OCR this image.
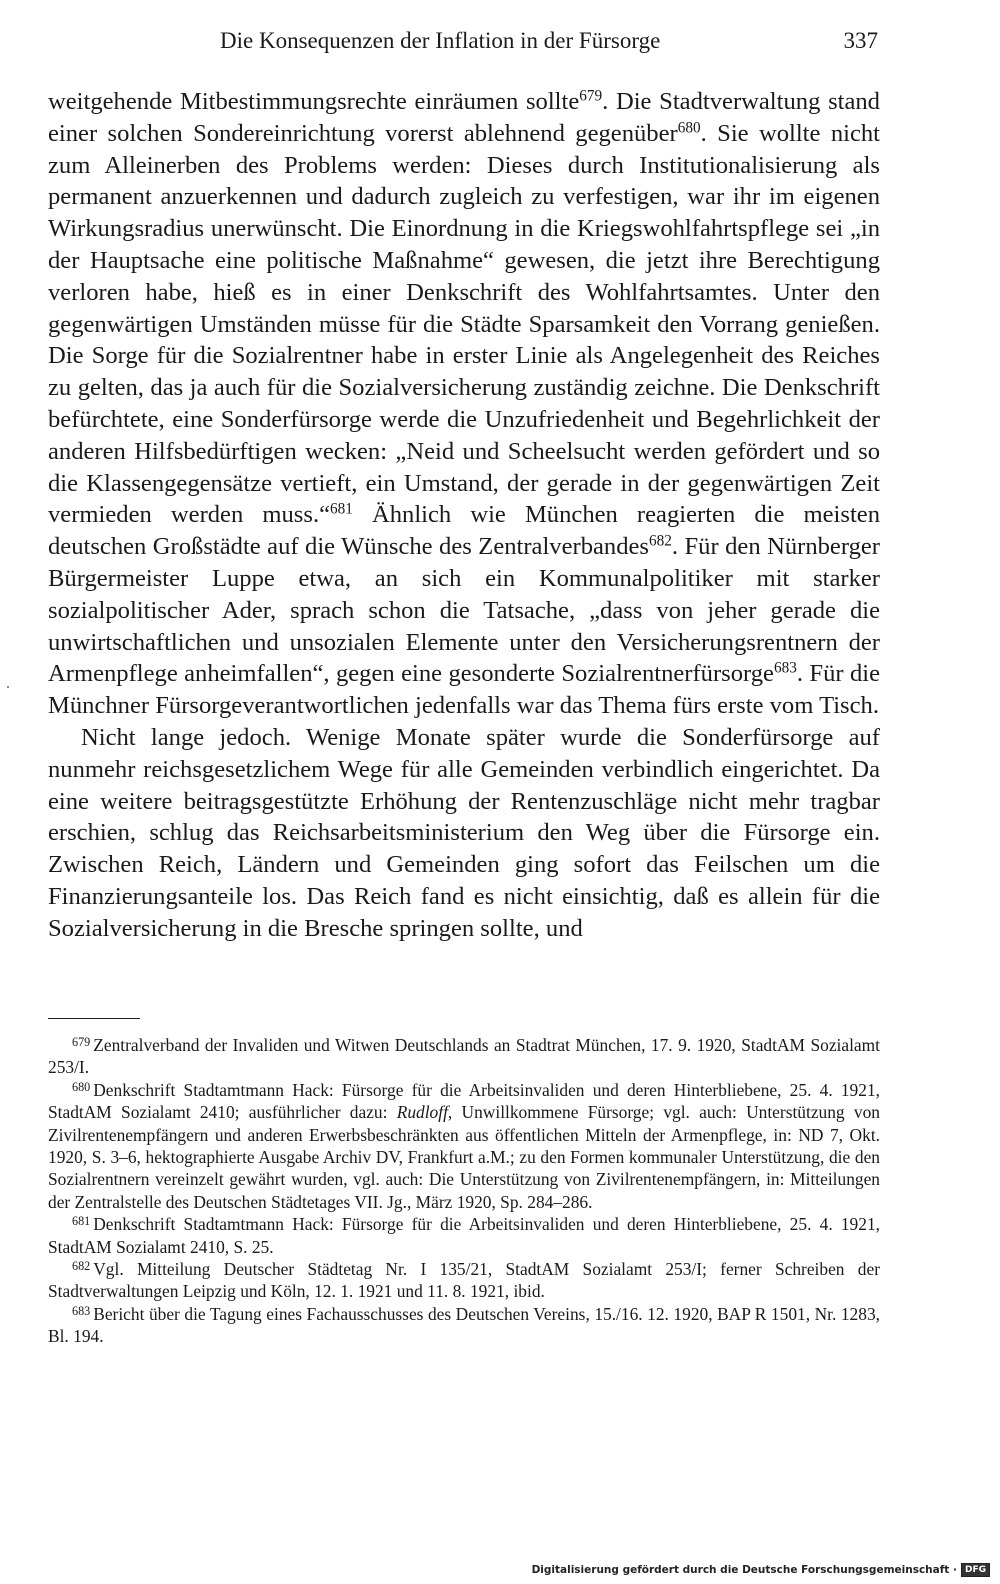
Die Konsequenzen der Inflation in der Fürsorge	337

weitgehende Mitbestimmungsrechte einräumen sollte$^{679}$. Die Stadtverwaltung stand einer solchen Sondereinrichtung vorerst ablehnend gegenüber$^{680}$. Sie wollte nicht zum Alleinerben des Problems werden: Dieses durch Institutionalisierung als permanent anzuerkennen und dadurch zugleich zu verfestigen, war ihr im eigenen Wirkungsradius unerwünscht. Die Einordnung in die Kriegswohlfahrtspflege sei „in der Hauptsache eine politische Maßnahme“ gewesen, die jetzt ihre Berechtigung verloren habe, hieß es in einer Denkschrift des Wohlfahrtsamtes. Unter den gegenwärtigen Umständen müsse für die Städte Sparsamkeit den Vorrang genießen. Die Sorge für die Sozialrentner habe in erster Linie als Angelegenheit des Reiches zu gelten, das ja auch für die Sozialversicherung zuständig zeichne. Die Denkschrift befürchtete, eine Sonderfürsorge werde die Unzufriedenheit und Begehrlichkeit der anderen Hilfsbedürftigen wecken: „Neid und Scheelsucht werden gefördert und so die Klassengegensätze vertieft, ein Umstand, der gerade in der gegenwärtigen Zeit vermieden werden muss.“$^{681}$ Ähnlich wie München reagierten die meisten deutschen Großstädte auf die Wünsche des Zentralverbandes$^{682}$. Für den Nürnberger Bürgermeister Luppe etwa, an sich ein Kommunalpolitiker mit starker sozialpolitischer Ader, sprach schon die Tatsache, „dass von jeher gerade die unwirtschaftlichen und unsozialen Elemente unter den Versicherungsrentnern der Armenpflege anheimfallen“, gegen eine gesonderte Sozialrentnerfürsorge$^{683}$. Für die Münchner Fürsorgeverantwortlichen jedenfalls war das Thema fürs erste vom Tisch.

Nicht lange jedoch. Wenige Monate später wurde die Sonderfürsorge auf nunmehr reichsgesetzlichem Wege für alle Gemeinden verbindlich eingerichtet. Da eine weitere beitragsgestützte Erhöhung der Rentenzuschläge nicht mehr tragbar erschien, schlug das Reichsarbeitsministerium den Weg über die Fürsorge ein. Zwischen Reich, Ländern und Gemeinden ging sofort das Feilschen um die Finanzierungsanteile los. Das Reich fand es nicht einsichtig, daß es allein für die Sozialversicherung in die Bresche springen sollte, und

$^{679}$ Zentralverband der Invaliden und Witwen Deutschlands an Stadtrat München, 17. 9. 1920, StadtAM Sozialamt 253/I.

$^{680}$ Denkschrift Stadtamtmann Hack: Fürsorge für die Arbeitsinvaliden und deren Hinterbliebene, 25. 4. 1921, StadtAM Sozialamt 2410; ausführlicher dazu: Rudloff, Unwillkommene Fürsorge; vgl. auch: Unterstützung von Zivilrentenempfängern und anderen Erwerbsbeschränkten aus öffentlichen Mitteln der Armenpflege, in: ND 7, Okt. 1920, S. 3–6, hektographierte Ausgabe Archiv DV, Frankfurt a.M.; zu den Formen kommunaler Unterstützung, die den Sozialrentnern vereinzelt gewährt wurden, vgl. auch: Die Unterstützung von Zivilrentenempfängern, in: Mitteilungen der Zentralstelle des Deutschen Städtetages VII. Jg., März 1920, Sp. 284–286.

$^{681}$ Denkschrift Stadtamtmann Hack: Fürsorge für die Arbeitsinvaliden und deren Hinterbliebene, 25. 4. 1921, StadtAM Sozialamt 2410, S. 25.

$^{682}$ Vgl. Mitteilung Deutscher Städtetag Nr. I 135/21, StadtAM Sozialamt 253/I; ferner Schreiben der Stadtverwaltungen Leipzig und Köln, 12. 1. 1921 und 11. 8. 1921, ibid.

$^{683}$ Bericht über die Tagung eines Fachausschusses des Deutschen Vereins, 15./16. 12. 1920, BAP R 1501, Nr. 1283, Bl. 194.

Digitalisierung gefördert durch die Deutsche Forschungsgemeinschaft · DFG
